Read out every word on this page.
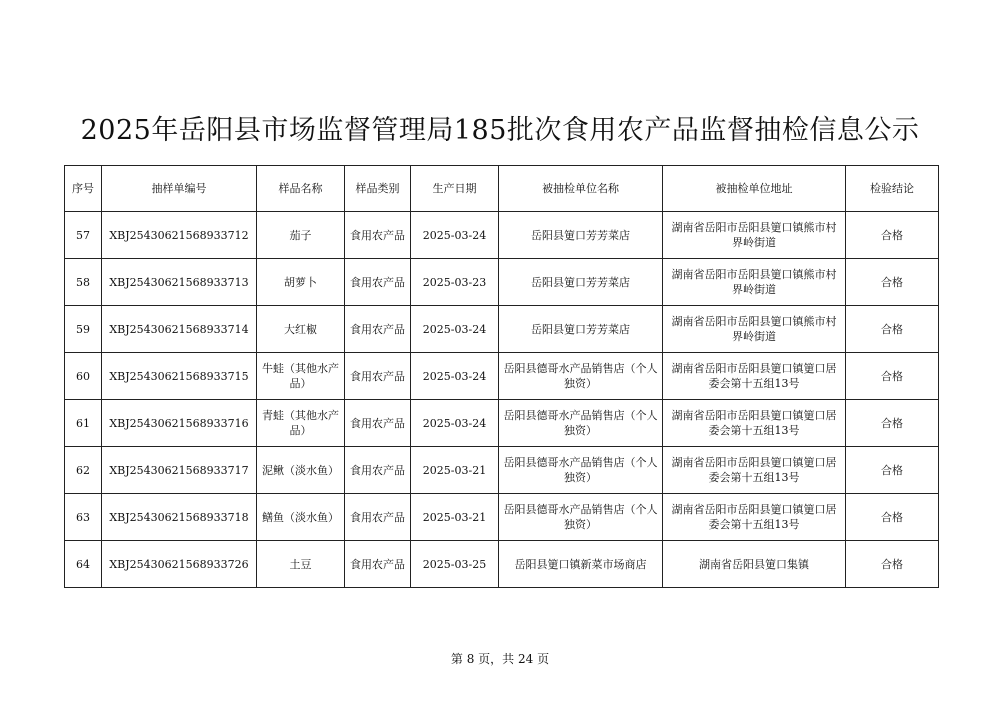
2025年岳阳县市场监督管理局185批次食用农产品监督抽检信息公示
序号	抽样单编号	样品名称	样品类别	生产日期	被抽检单位名称	被抽检单位地址	检验结论
57	XBJ25430621568933712	茄子	食用农产品	2025-03-24	岳阳县筻口芳芳菜店	湖南省岳阳市岳阳县筻口镇熊市村界岭街道	合格
58	XBJ25430621568933713	胡萝卜	食用农产品	2025-03-23	岳阳县筻口芳芳菜店	湖南省岳阳市岳阳县筻口镇熊市村界岭街道	合格
59	XBJ25430621568933714	大红椒	食用农产品	2025-03-24	岳阳县筻口芳芳菜店	湖南省岳阳市岳阳县筻口镇熊市村界岭街道	合格
60	XBJ25430621568933715	牛蛙（其他水产品）	食用农产品	2025-03-24	岳阳县德哥水产品销售店（个人独资）	湖南省岳阳市岳阳县筻口镇筻口居委会第十五组13号	合格
61	XBJ25430621568933716	青蛙（其他水产品）	食用农产品	2025-03-24	岳阳县德哥水产品销售店（个人独资）	湖南省岳阳市岳阳县筻口镇筻口居委会第十五组13号	合格
62	XBJ25430621568933717	泥鳅（淡水鱼）	食用农产品	2025-03-21	岳阳县德哥水产品销售店（个人独资）	湖南省岳阳市岳阳县筻口镇筻口居委会第十五组13号	合格
63	XBJ25430621568933718	鳝鱼（淡水鱼）	食用农产品	2025-03-21	岳阳县德哥水产品销售店（个人独资）	湖南省岳阳市岳阳县筻口镇筻口居委会第十五组13号	合格
64	XBJ25430621568933726	土豆	食用农产品	2025-03-25	岳阳县筻口镇新菜市场商店	湖南省岳阳县筻口集镇	合格
第 8 页，共 24 页
